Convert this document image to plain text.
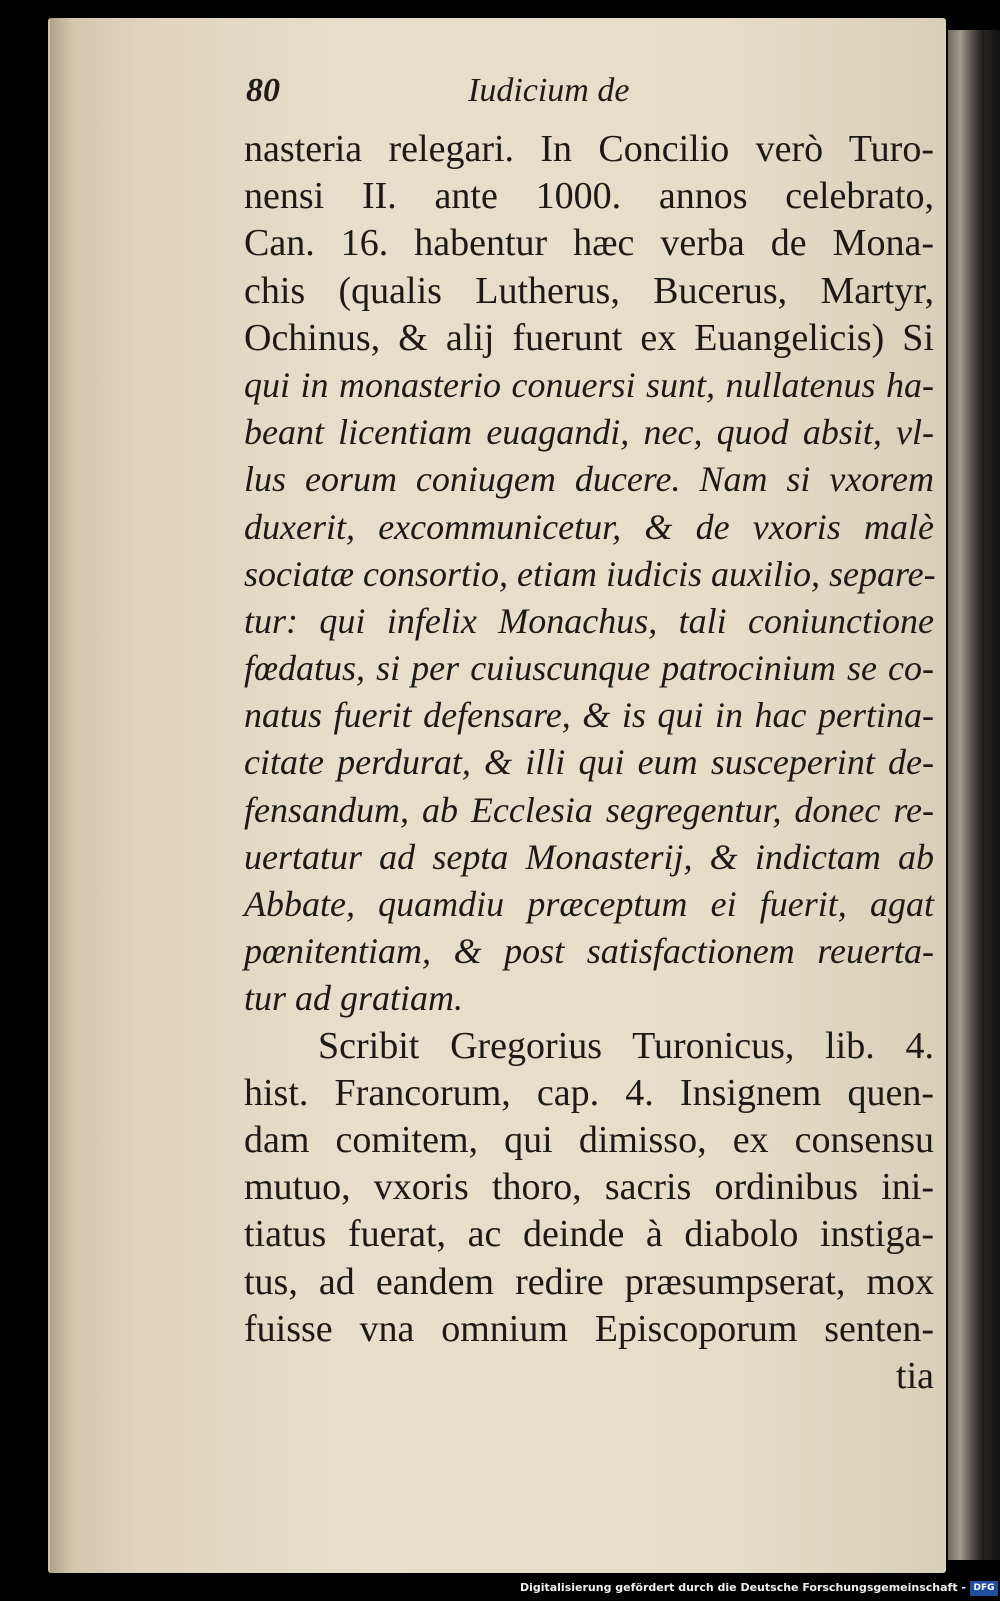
80	Iudicium de
nasteria relegari. In Concilio verò Turo-
nensi II. ante 1000. annos celebrato,
Can. 16. habentur hæc verba de Mona-
chis (qualis Lutherus, Bucerus, Martyr,
Ochinus, & alij fuerunt ex Euangelicis) Si
qui in monasterio conuersi sunt, nullatenus ha-
beant licentiam euagandi, nec, quod absit, vl-
lus eorum coniugem ducere. Nam si vxorem
duxerit, excommunicetur, & de vxoris malè
sociatæ consortio, etiam iudicis auxilio, separe-
tur: qui infelix Monachus, tali coniunctione
fœdatus, si per cuiuscunque patrocinium se co-
natus fuerit defensare, & is qui in hac pertina-
citate perdurat, & illi qui eum susceperint de-
fensandum, ab Ecclesia segregentur, donec re-
uertatur ad septa Monasterij, & indictam ab
Abbate, quamdiu præceptum ei fuerit, agat
pœnitentiam, & post satisfactionem reuerta-
tur ad gratiam.
Scribit Gregorius Turonicus, lib. 4.
hist. Francorum, cap. 4. Insignem quen-
dam comitem, qui dimisso, ex consensu
mutuo, vxoris thoro, sacris ordinibus ini-
tiatus fuerat, ac deinde à diabolo instiga-
tus, ad eandem redire præsumpserat, mox
fuisse vna omnium Episcoporum senten-
tia
Digitalisierung gefördert durch die Deutsche Forschungsgemeinschaft - DFG
